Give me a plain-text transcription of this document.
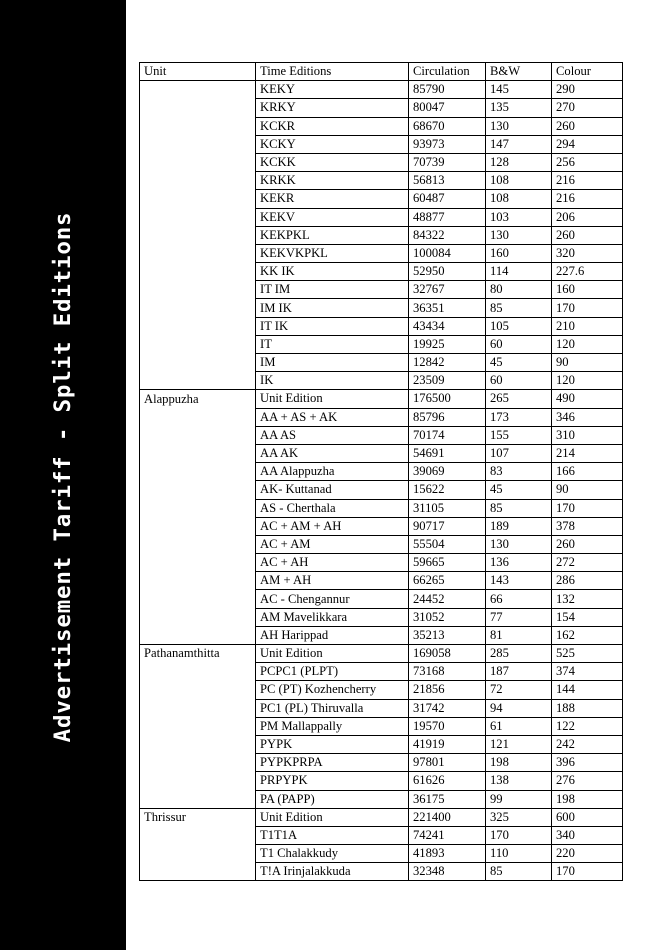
Advertisement Tariff - Split Editions
Unit	Time Editions	Circulation	B&W	Colour
	KEKY	85790	145	290
	KRKY	80047	135	270
	KCKR	68670	130	260
	KCKY	93973	147	294
	KCKK	70739	128	256
	KRKK	56813	108	216
	KEKR	60487	108	216
	KEKV	48877	103	206
	KEKPKL	84322	130	260
	KEKVKPKL	100084	160	320
	KK IK	52950	114	227.6
	IT IM	32767	80	160
	IM IK	36351	85	170
	IT IK	43434	105	210
	IT	19925	60	120
	IM	12842	45	90
	IK	23509	60	120
Alappuzha	Unit Edition	176500	265	490
	AA + AS + AK	85796	173	346
	AA AS	70174	155	310
	AA AK	54691	107	214
	AA Alappuzha	39069	83	166
	AK- Kuttanad	15622	45	90
	AS - Cherthala	31105	85	170
	AC + AM + AH	90717	189	378
	AC + AM	55504	130	260
	AC + AH	59665	136	272
	AM + AH	66265	143	286
	AC - Chengannur	24452	66	132
	AM Mavelikkara	31052	77	154
	AH Harippad	35213	81	162
Pathanamthitta	Unit Edition	169058	285	525
	PCPC1 (PLPT)	73168	187	374
	PC (PT) Kozhencherry	21856	72	144
	PC1 (PL) Thiruvalla	31742	94	188
	PM Mallappally	19570	61	122
	PYPK	41919	121	242
	PYPKPRPA	97801	198	396
	PRPYPK	61626	138	276
	PA (PAPP)	36175	99	198
Thrissur	Unit Edition	221400	325	600
	T1T1A	74241	170	340
	T1 Chalakkudy	41893	110	220
	T!A Irinjalakkuda	32348	85	170
